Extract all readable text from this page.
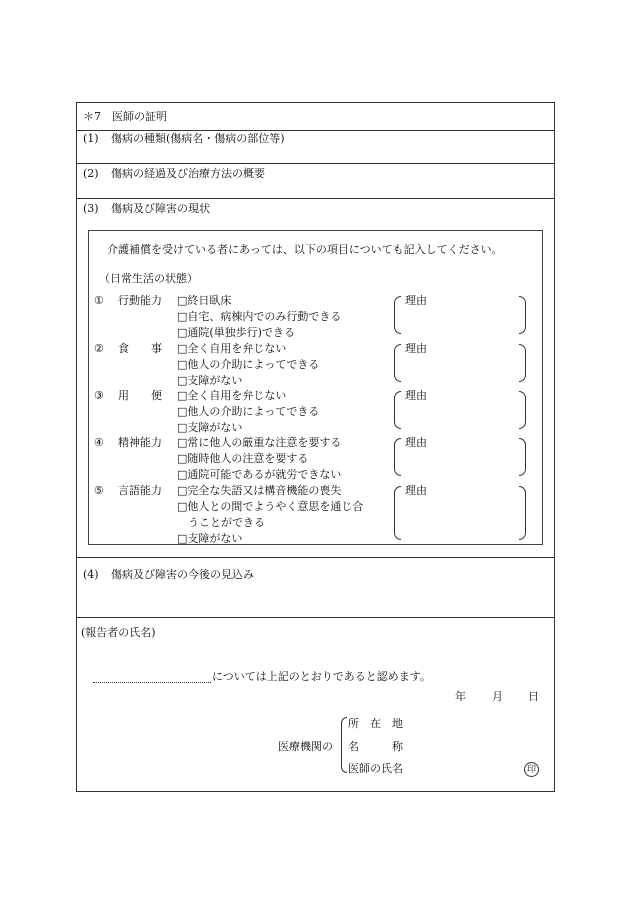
＊7　医師の証明
(1) 傷病の種類(傷病名・傷病の部位等)
(2) 傷病の経過及び治療方法の概要
(3) 傷病及び障害の現状
介護補償を受けている者にあっては、以下の項目についても記入してください。
（日常生活の状態）
① 行動能力 □終日臥床
□自宅、病棟内でのみ行動できる
□通院(単独歩行)できる
理由
② 食　　事 □全く自用を弁じない
□他人の介助によってできる
□支障がない
理由
③ 用　　便 □全く自用を弁じない
□他人の介助によってできる
□支障がない
理由
④ 精神能力 □常に他人の厳重な注意を要する
□随時他人の注意を要する
□通院可能であるが就労できない
理由
⑤ 言語能力 □完全な失語又は構音機能の喪失
□他人との間でようやく意思を通じ合
　うことができる
□支障がない
理由
(4) 傷病及び障害の今後の見込み
(報告者の氏名)
については上記のとおりであると認めます。
年 月 日
医療機関の
所　在　地
名　　　称
医師の氏名	印
